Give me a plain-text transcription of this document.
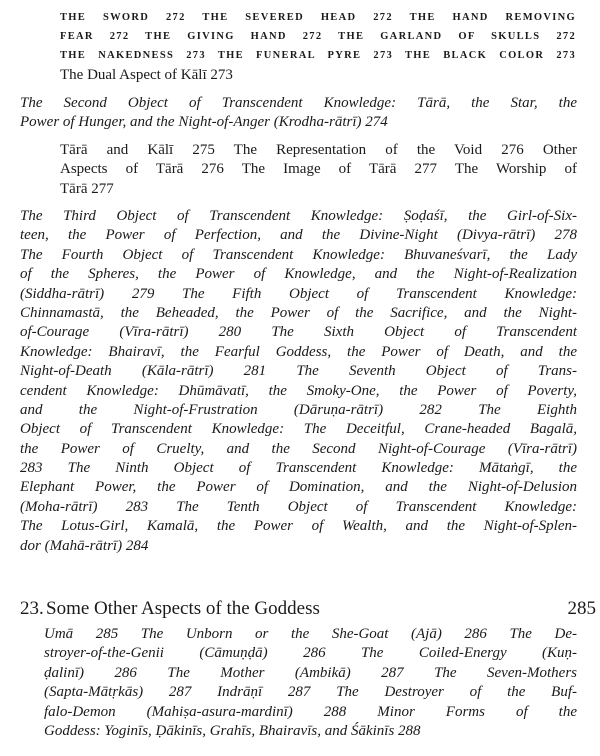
THE SWORD 272 THE SEVERED HEAD 272 THE HAND REMOVING
FEAR 272 THE GIVING HAND 272 THE GARLAND OF SKULLS 272
THE NAKEDNESS 273 THE FUNERAL PYRE 273 THE BLACK COLOR 273
The Dual Aspect of Kālī 273
The Second Object of Transcendent Knowledge: Tārā, the Star, the
Power of Hunger, and the Night-of-Anger (Krodha-rātrī) 274
Tārā and Kālī 275 The Representation of the Void 276 Other
Aspects of Tārā 276 The Image of Tārā 277 The Worship of
Tārā 277
The Third Object of Transcendent Knowledge: Ṣoḍaśī, the Girl-of-Six-
teen, the Power of Perfection, and the Divine-Night (Divya-rātrī) 278
The Fourth Object of Transcendent Knowledge: Bhuvaneśvarī, the Lady
of the Spheres, the Power of Knowledge, and the Night-of-Realization
(Siddha-rātrī) 279 The Fifth Object of Transcendent Knowledge:
Chinnamastā, the Beheaded, the Power of the Sacrifice, and the Night-
of-Courage (Vīra-rātrī) 280 The Sixth Object of Transcendent
Knowledge: Bhairavī, the Fearful Goddess, the Power of Death, and the
Night-of-Death (Kāla-rātrī) 281 The Seventh Object of Trans-
cendent Knowledge: Dhūmāvatī, the Smoky-One, the Power of Poverty,
and the Night-of-Frustration (Dāruṇa-rātrī) 282 The Eighth
Object of Transcendent Knowledge: The Deceitful, Crane-headed Bagalā,
the Power of Cruelty, and the Second Night-of-Courage (Vīra-rātrī)
283 The Ninth Object of Transcendent Knowledge: Mātaṅgī, the
Elephant Power, the Power of Domination, and the Night-of-Delusion
(Moha-rātrī) 283 The Tenth Object of Transcendent Knowledge:
The Lotus-Girl, Kamalā, the Power of Wealth, and the Night-of-Splen-
dor (Mahā-rātrī) 284
23. Some Other Aspects of the Goddess	285
Umā 285 The Unborn or the She-Goat (Ajā) 286 The De-
stroyer-of-the-Genii (Cāmuṇḍā) 286 The Coiled-Energy (Kuṇ-
ḍalinī) 286 The Mother (Ambikā) 287 The Seven-Mothers
(Sapta-Mātṛkās) 287 Indrāṇī 287 The Destroyer of the Buf-
falo-Demon (Mahiṣa-asura-mardinī) 288 Minor Forms of the
Goddess: Yoginīs, Ḍākinīs, Grahīs, Bhairavīs, and Śākinīs 288
